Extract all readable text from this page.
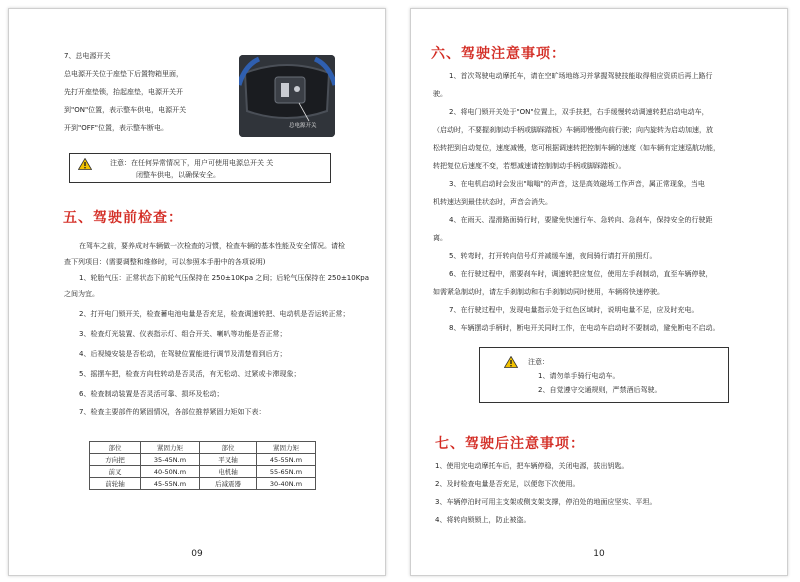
7、总电源开关
总电源开关位于座垫下后置物箱里面，
先打开座垫锁，抬起座垫，电源开关开
到"ON"位置，表示整车供电，电源开关
开到"OFF"位置，表示整车断电。	总电源开关
注意：在任何异常情况下，用户可使用电源总开关 关
闭整车供电，以确保安全。
五、驾驶前检查：
在驾车之前，要养成对车辆做一次检查的习惯，检查车辆的基本性能及安全情况。请检
查下列项目：(需要调整和维修时，可以参照本手册中的各项说明)
1、轮胎气压：正常状态下前轮气压保持在 250±10Kpa 之间；后轮气压保持在 250±10Kpa
之间为宜。
2、打开电门锁开关，检查蓄电池电量是否充足，检查调速转把、电动机是否运转正常；
3、检查灯光装置、仪表指示灯、组合开关、喇叭等功能是否正常；
4、后视镜安装是否松动，在驾驶位置能进行调节及清楚看到后方；
5、摇摆车把，检查方向柱转动是否灵活，有无松动、过紧或卡滞现象；
6、检查制动装置是否灵活可靠、损坏及松动；
7、检查主要部件的紧固情况，各部位推荐紧固力矩如下表：
部位	紧固力矩	部位	紧固力矩
方向把	35-45N.m	平叉轴	45-55N.m
前叉	40-50N.m	电机轴	55-65N.m
前轮轴	45-55N.m	后减震器	30-40N.m
09
六、驾驶注意事项：
1、首次驾驶电动摩托车，请在空旷场地练习并掌握驾驶技能取得相应资质后再上路行
驶。
2、将电门锁开关处于"ON"位置上，双手扶把，右手缓慢转动调速转把启动电动车，
（启动时，不要握刹制动手柄或脚踩踏板）车辆即慢慢向前行驶；向内旋转为启动加速，放
松转把到自动复位，速度减慢，您可根据调速转把控制车辆的速度（如车辆有定速巡航功能，
转把复位后速度不变，若想减速请控制制动手柄或脚踩踏板）。
3、在电机启动时会发出"嗡嗡"的声音，这是高效磁场工作声音，属正常现象，当电
机转速达到最佳状态时，声音会消失。
4、在雨天、湿滑路面骑行时，要避免快速行车、急转向、急刹车，保持安全的行驶距
离。
5、转弯时，打开转向信号灯并减缓车速，夜间骑行请打开前照灯。
6、在行驶过程中，需要刹车时，调速转把应复位，使用左手刹制动，直至车辆停驶，
如需紧急制动时，请左手刹制动和右手刹制动同时使用，车辆将快速停驶。
7、在行驶过程中，发现电量指示处于红色区域时，说明电量不足，应及时充电。
8、车辆摆动手柄时，断电开关同时工作，在电动车启动时不要制动，避免断电不启动。
注意：
1、请勿单手骑行电动车。
2、自觉遵守交通规则，严禁酒后驾驶。
七、驾驶后注意事项：
1、使用完电动摩托车后，把车辆停稳，关闭电源，拔出钥匙。
2、及时检查电量是否充足，以便您下次使用。
3、车辆停泊时可用主支架或侧支架支撑，停泊处的地面应坚实、平坦。
4、将转向锁锁上，防止被盗。
10
